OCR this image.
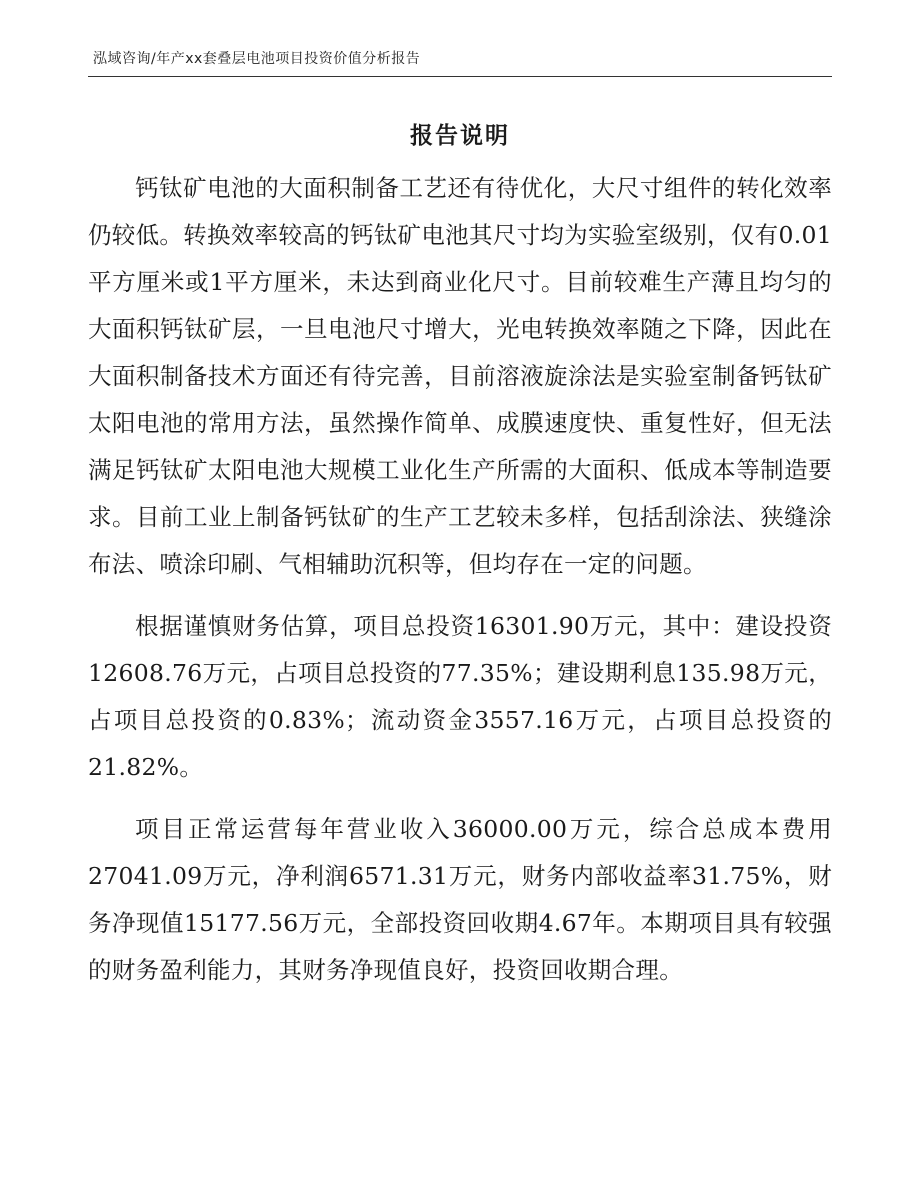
泓域咨询/年产xx套叠层电池项目投资价值分析报告
报告说明

钙钛矿电池的大面积制备工艺还有待优化，大尺寸组件的转化效率仍较低。转换效率较高的钙钛矿电池其尺寸均为实验室级别，仅有0.01平方厘米或1平方厘米，未达到商业化尺寸。目前较难生产薄且均匀的大面积钙钛矿层，一旦电池尺寸增大，光电转换效率随之下降，因此在大面积制备技术方面还有待完善，目前溶液旋涂法是实验室制备钙钛矿太阳电池的常用方法，虽然操作简单、成膜速度快、重复性好，但无法满足钙钛矿太阳电池大规模工业化生产所需的大面积、低成本等制造要求。目前工业上制备钙钛矿的生产工艺较未多样，包括刮涂法、狭缝涂布法、喷涂印刷、气相辅助沉积等，但均存在一定的问题。

根据谨慎财务估算，项目总投资16301.90万元，其中：建设投资12608.76万元，占项目总投资的77.35%；建设期利息135.98万元，占项目总投资的0.83%；流动资金3557.16万元，占项目总投资的21.82%。

项目正常运营每年营业收入36000.00万元，综合总成本费用27041.09万元，净利润6571.31万元，财务内部收益率31.75%，财务净现值15177.56万元，全部投资回收期4.67年。本期项目具有较强的财务盈利能力，其财务净现值良好，投资回收期合理。
